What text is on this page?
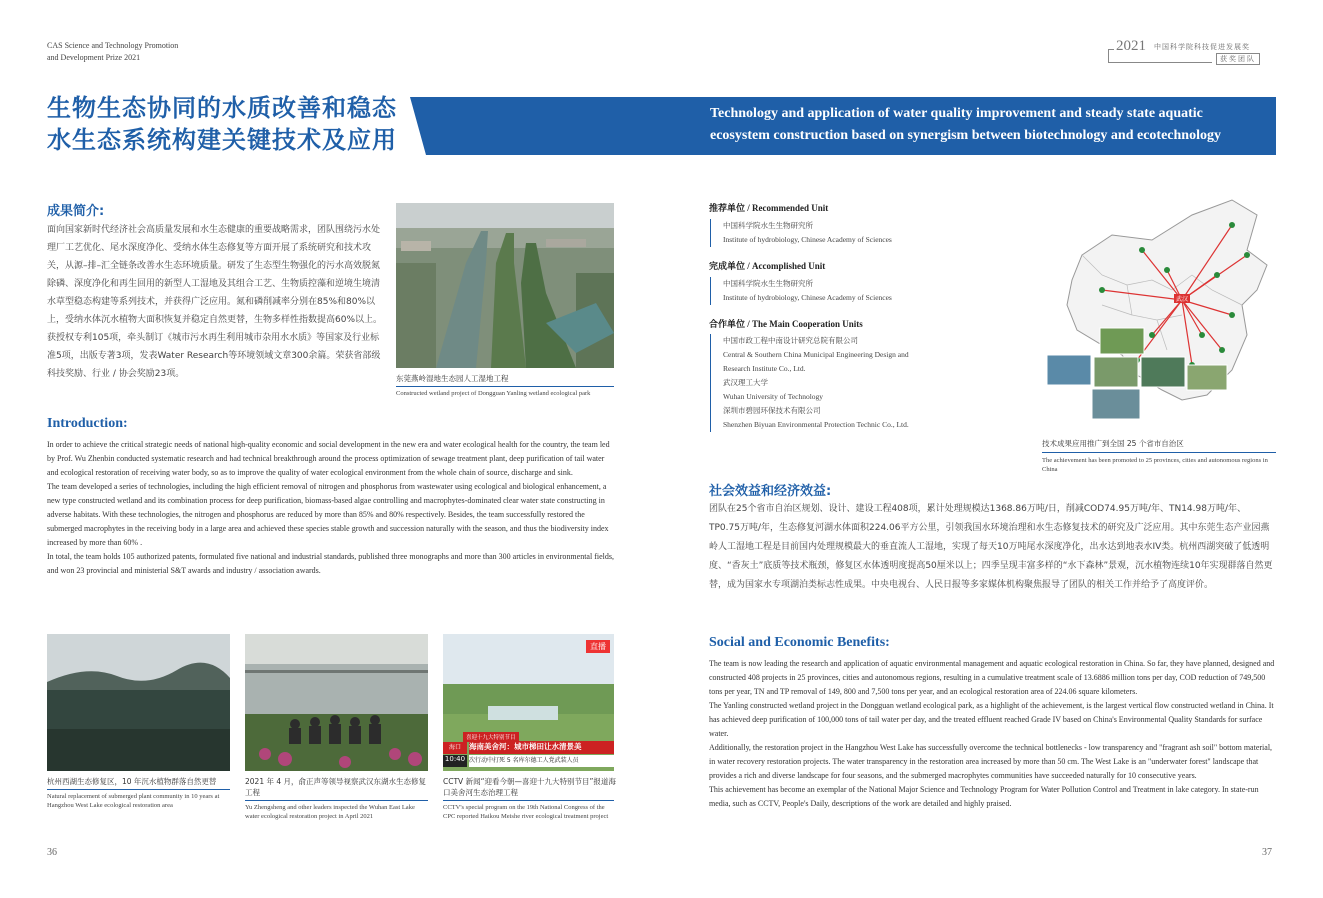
CAS Science and Technology Promotion
and Development Prize 2021
2021 中国科学院科技促进发展奖
获奖团队
生物生态协同的水质改善和稳态
水生态系统构建关键技术及应用
Technology and application of water quality improvement and steady state aquatic
ecosystem construction based on synergism between biotechnology and ecotechnology
成果简介:
面向国家新时代经济社会高质量发展和水生态健康的重要战略需求，团队围绕污水处理厂工艺优化、尾水深度净化、受纳水体生态修复等方面开展了系统研究和技术攻关，从源–排–汇全链条改善水生态环境质量。研发了生态型生物强化的污水高效脱氮除磷、深度净化和再生回用的新型人工湿地及其组合工艺、生物质控藻和逆境生境清水草型稳态构建等系列技术，并获得广泛应用。氮和磷削减率分别在85%和80%以上，受纳水体沉水植物大面积恢复并稳定自然更替，生物多样性指数提高60%以上。获授权专利105项，牵头制订《城市污水再生利用城市杂用水水质》等国家及行业标准5项，出版专著3项，发表Water Research等环境领域文章300余篇。荣获省部级科技奖励、行业 / 协会奖励23项。	东莞燕岭湿地生态园人工湿地工程
Constructed wetland project of Dongguan Yanling wetland ecological park
Introduction:

In order to achieve the critical strategic needs of national high-quality economic and social development in the new era and water ecological health for the country, the team led by Prof. Wu Zhenbin conducted systematic research and had technical breakthrough around the process optimization of sewage treatment plant, deep purification of tail water and ecological restoration of receiving water body, so as to improve the quality of water ecological environment from the whole chain of source, discharge and sink.

The team developed a series of technologies, including the high efficient removal of nitrogen and phosphorus from wastewater using ecological and biological enhancement, a new type constructed wetland and its combination process for deep purification, biomass-based algae controlling and macrophytes-dominated clear water state constructing in adverse habitats. With these technologies, the nitrogen and phosphorus are reduced by more than 85% and 80% respectively. Besides, the team successfully restored the submerged macrophytes in the receiving body in a large area and achieved these species stable growth and succession naturally with the season, and thus the biodiversity index increased by more than 60% .

In total, the team holds 105 authorized patents, formulated five national and industrial standards, published three monographs and more than 300 articles in environmental fields, and won 23 provincial and ministerial S&T awards and industry / association awards.

杭州西湖生态修复区，10 年沉水植物群落自然更替
Natural replacement of submerged plant community in 10 years at Hangzhou West Lake ecological restoration area
2021 年 4 月，俞正声等领导视察武汉东湖水生态修复工程
Yu Zhengsheng and other leaders inspected the Wuhan East Lake water ecological restoration project in April 2021
直播
喜迎十九大特别节目
海口	海南美舍河：城市梯田让水清景美
10:40 次行动中打死 5 名库尔德工人党武装人员
CCTV 新闻“迎看今朝—喜迎十九大特别节目”报道海口美舍河生态治理工程
CCTV's special program on the 19th National Congress of the CPC reported Haikou Meishe river ecological treatment project
推荐单位 / Recommended Unit
中国科学院水生生物研究所
Institute of hydrobiology, Chinese Academy of Sciences
完成单位 / Accomplished Unit
中国科学院水生生物研究所
Institute of hydrobiology, Chinese Academy of Sciences
合作单位 / The Main Cooperation Units
中国市政工程中南设计研究总院有限公司
Central & Southern China Municipal Engineering Design and
Research Institute Co., Ltd.
武汉理工大学
Wuhan University of Technology
深圳市碧园环保技术有限公司
Shenzhen Biyuan Environmental Protection Technic Co., Ltd.
武汉
技术成果应用推广到全国 25 个省市自治区
The achievement has been promoted to 25 provinces, cities and autonomous regions in China
社会效益和经济效益:
团队在25个省市自治区规划、设计、建设工程408项，累计处理规模达1368.86万吨/日，削减COD74.95万吨/年、TN14.98万吨/年、TP0.75万吨/年，生态修复河湖水体面积224.06平方公里，引领我国水环境治理和水生态修复技术的研究及广泛应用。其中东莞生态产业园燕岭人工湿地工程是目前国内处理规模最大的垂直流人工湿地，实现了每天10万吨尾水深度净化，出水达到地表水IV类。杭州西湖突破了低透明度、“香灰土”底质等技术瓶颈，修复区水体透明度提高50厘米以上；四季呈现丰富多样的“水下森林”景观，沉水植物连续10年实现群落自然更替，成为国家水专项湖泊类标志性成果。中央电视台、人民日报等多家媒体机构聚焦报导了团队的相关工作并给予了高度评价。
Social and Economic Benefits:

The team is now leading the research and application of aquatic environmental management and aquatic ecological restoration in China. So far, they have planned, designed and constructed 408 projects in 25 provinces, cities and autonomous regions, resulting in a cumulative treatment scale of 13.6886 million tons per day, COD reduction of 749,500 tons per year, TN and TP removal of 149, 800 and 7,500 tons per year, and an ecological restoration area of 224.06 square kilometers.

The Yanling constructed wetland project in the Dongguan wetland ecological park, as a highlight of the achievement, is the largest vertical flow constructed wetland in China. It has achieved deep purification of 100,000 tons of tail water per day, and the treated effluent reached Grade IV based on China's Environmental Quality Standards for surface water.

Additionally, the restoration project in the Hangzhou West Lake has successfully overcome the technical bottlenecks - low transparency and "fragrant ash soil" bottom material, in water recovery restoration projects. The water transparency in the restoration area increased by more than 50 cm. The West Lake is an "underwater forest" landscape that provides a rich and diverse landscape for four seasons, and the submerged macrophytes communities have succeeded naturally for 10 consecutive years.

This achievement has become an exemplar of the National Major Science and Technology Program for Water Pollution Control and Treatment in lake category. In state-run media, such as CCTV, People's Daily, descriptions of the work are detailed and highly praised.

36	37
